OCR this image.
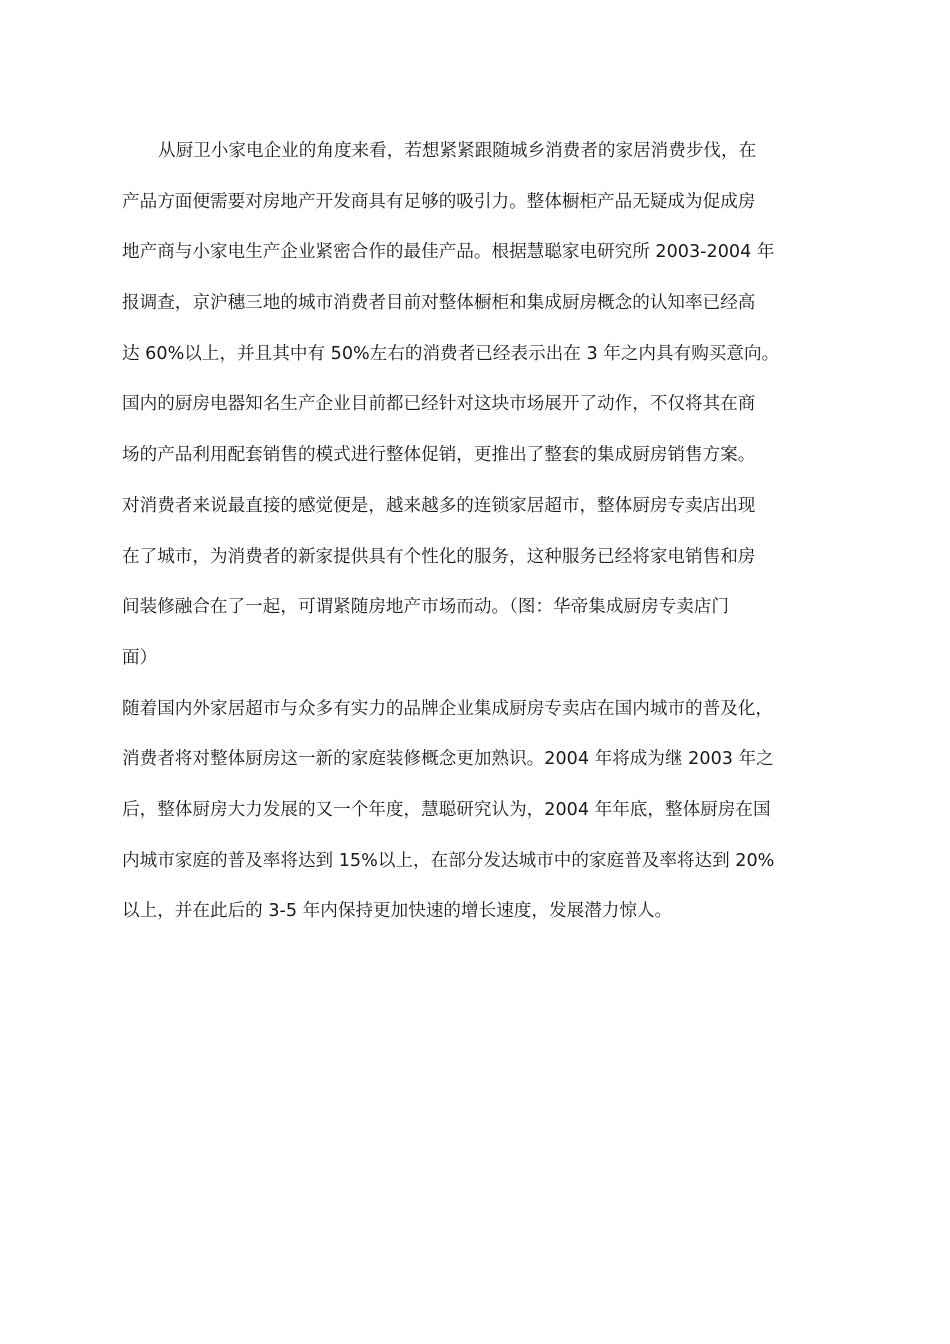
从厨卫小家电企业的角度来看，若想紧紧跟随城乡消费者的家居消费步伐，在
产品方面便需要对房地产开发商具有足够的吸引力。整体橱柜产品无疑成为促成房
地产商与小家电生产企业紧密合作的最佳产品。根据慧聪家电研究所 2003-2004 年
报调查，京沪穗三地的城市消费者目前对整体橱柜和集成厨房概念的认知率已经高
达 60%以上，并且其中有 50%左右的消费者已经表示出在 3 年之内具有购买意向。
国内的厨房电器知名生产企业目前都已经针对这块市场展开了动作，不仅将其在商
场的产品利用配套销售的模式进行整体促销，更推出了整套的集成厨房销售方案。
对消费者来说最直接的感觉便是，越来越多的连锁家居超市，整体厨房专卖店出现
在了城市，为消费者的新家提供具有个性化的服务，这种服务已经将家电销售和房
间装修融合在了一起，可谓紧随房地产市场而动。（图：华帝集成厨房专卖店门
面）
随着国内外家居超市与众多有实力的品牌企业集成厨房专卖店在国内城市的普及化，
消费者将对整体厨房这一新的家庭装修概念更加熟识。2004 年将成为继 2003 年之
后，整体厨房大力发展的又一个年度，慧聪研究认为，2004 年年底，整体厨房在国
内城市家庭的普及率将达到 15%以上，在部分发达城市中的家庭普及率将达到 20%
以上，并在此后的 3-5 年内保持更加快速的增长速度，发展潜力惊人。
